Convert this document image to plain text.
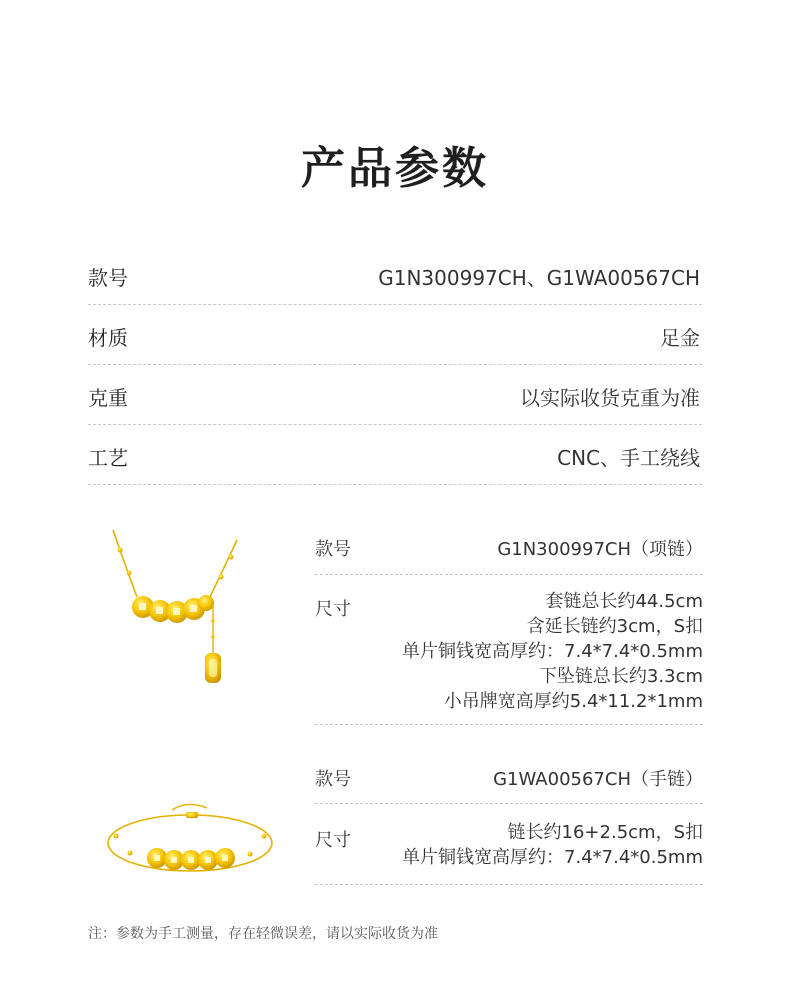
产品参数
款号	G1N300997CH、G1WA00567CH
材质	足金
克重	以实际收货克重为准
工艺	CNC、手工绕线
款号	G1N300997CH（项链）
尺寸	套链总长约44.5cm
含延长链约3cm，S扣
单片铜钱宽高厚约：7.4*7.4*0.5mm
下坠链总长约3.3cm
小吊牌宽高厚约5.4*11.2*1mm
款号	G1WA00567CH（手链）
尺寸	链长约16+2.5cm，S扣
单片铜钱宽高厚约：7.4*7.4*0.5mm
注：参数为手工测量，存在轻微误差，请以实际收货为准
